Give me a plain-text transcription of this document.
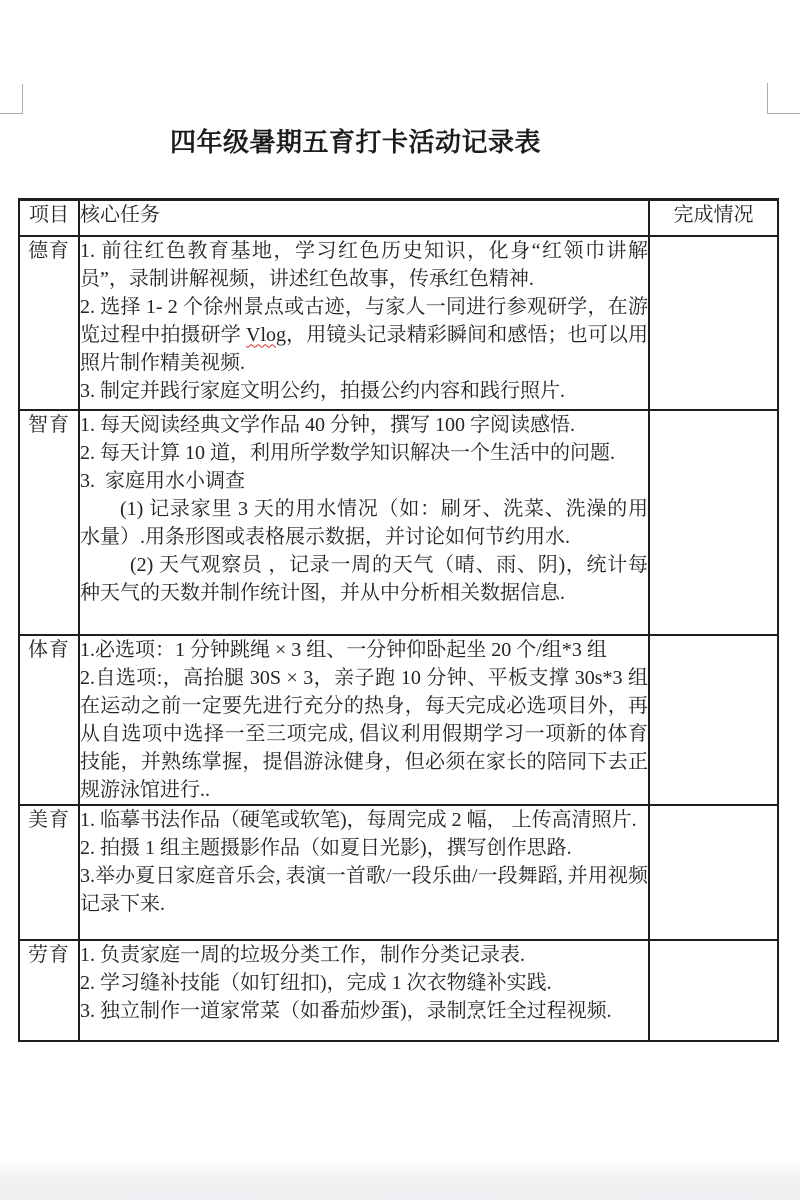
四年级暑期五育打卡活动记录表
项目	核心任务	完成情况
德育	1. 前往红色教育基地，学习红色历史知识，化身“红领巾讲解员”，录制讲解视频，讲述红色故事，传承红色精神.

2. 选择 1- 2 个徐州景点或古迹，与家人一同进行参观研学，在游览过程中拍摄研学 Vlog，用镜头记录精彩瞬间和感悟；也可以用照片制作精美视频.

3. 制定并践行家庭文明公约，拍摄公约内容和践行照片.	

智育	1. 每天阅读经典文学作品 40 分钟，撰写 100 字阅读感悟.

2. 每天计算 10 道，利用所学数学知识解决一个生活中的问题.

3.  家庭用水小调查

(1) 记录家里 3 天的用水情况（如：刷牙、洗菜、洗澡的用水量）.用条形图或表格展示数据，并讨论如何节约用水.

(2) 天气观察员 ，记录一周的天气（晴、雨、阴)，统计每种天气的天数并制作统计图，并从中分析相关数据信息.	

体育	1.必选项：1 分钟跳绳 × 3 组、一分钟仰卧起坐 20 个/组*3 组

2.自选项:，高抬腿 30S × 3，亲子跑 10 分钟、平板支撑 30s*3 组在运动之前一定要先进行充分的热身，每天完成必选项目外，再从自选项中选择一至三项完成, 倡议利用假期学习一项新的体育技能，并熟练掌握，提倡游泳健身，但必须在家长的陪同下去正规游泳馆进行..	

美育	1. 临摹书法作品（硬笔或软笔)，每周完成 2 幅， 上传高清照片.

2. 拍摄 1 组主题摄影作品（如夏日光影)，撰写创作思路.

3.举办夏日家庭音乐会, 表演一首歌/一段乐曲/一段舞蹈, 并用视频记录下来.	

劳育	1. 负责家庭一周的垃圾分类工作，制作分类记录表.

2. 学习缝补技能（如钉纽扣)，完成 1 次衣物缝补实践.

3. 独立制作一道家常菜（如番茄炒蛋)，录制烹饪全过程视频.	
